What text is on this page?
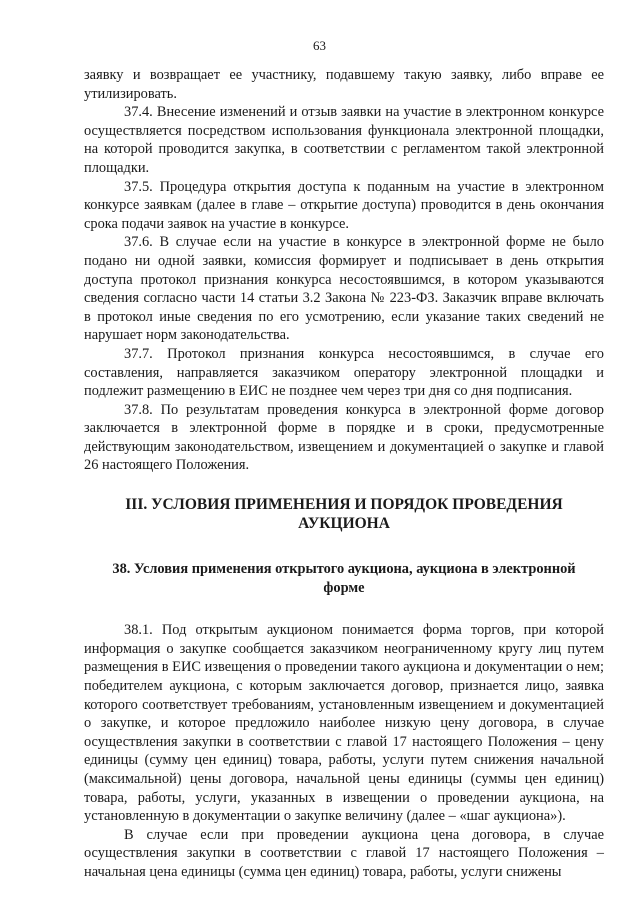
63

заявку и возвращает ее участнику, подавшему такую заявку, либо вправе ее утилизировать.

37.4. Внесение изменений и отзыв заявки на участие в электронном конкурсе осуществляется посредством использования функционала электронной площадки, на которой проводится закупка, в соответствии с регламентом такой электронной площадки.

37.5. Процедура открытия доступа к поданным на участие в электронном конкурсе заявкам (далее в главе – открытие доступа) проводится в день окончания срока подачи заявок на участие в конкурсе.

37.6. В случае если на участие в конкурсе в электронной форме не было подано ни одной заявки, комиссия формирует и подписывает в день открытия доступа протокол признания конкурса несостоявшимся, в котором указываются сведения согласно части 14 статьи 3.2 Закона № 223-ФЗ. Заказчик вправе включать в протокол иные сведения по его усмотрению, если указание таких сведений не нарушает норм законодательства.

37.7. Протокол признания конкурса несостоявшимся, в случае его составления, направляется заказчиком оператору электронной площадки и подлежит размещению в ЕИС не позднее чем через три дня со дня подписания.

37.8. По результатам проведения конкурса в электронной форме договор заключается в электронной форме в порядке и в сроки, предусмотренные действующим законодательством, извещением и документацией о закупке и главой 26 настоящего Положения.

III. УСЛОВИЯ ПРИМЕНЕНИЯ И ПОРЯДОК ПРОВЕДЕНИЯ АУКЦИОНА
38. Условия применения открытого аукциона, аукциона в электронной форме

38.1. Под открытым аукционом понимается форма торгов, при которой информация о закупке сообщается заказчиком неограниченному кругу лиц путем размещения в ЕИС извещения о проведении такого аукциона и документации о нем; победителем аукциона, с которым заключается договор, признается лицо, заявка которого соответствует требованиям, установленным извещением и документацией о закупке, и которое предложило наиболее низкую цену договора, в случае осуществления закупки в соответствии с главой 17 настоящего Положения – цену единицы (сумму цен единиц) товара, работы, услуги путем снижения начальной (максимальной) цены договора, начальной цены единицы (суммы цен единиц) товара, работы, услуги, указанных в извещении о проведении аукциона, на установленную в документации о закупке величину (далее – «шаг аукциона»).

В случае если при проведении аукциона цена договора, в случае осуществления закупки в соответствии с главой 17 настоящего Положения – начальная цена единицы (сумма цен единиц) товара, работы, услуги снижены
